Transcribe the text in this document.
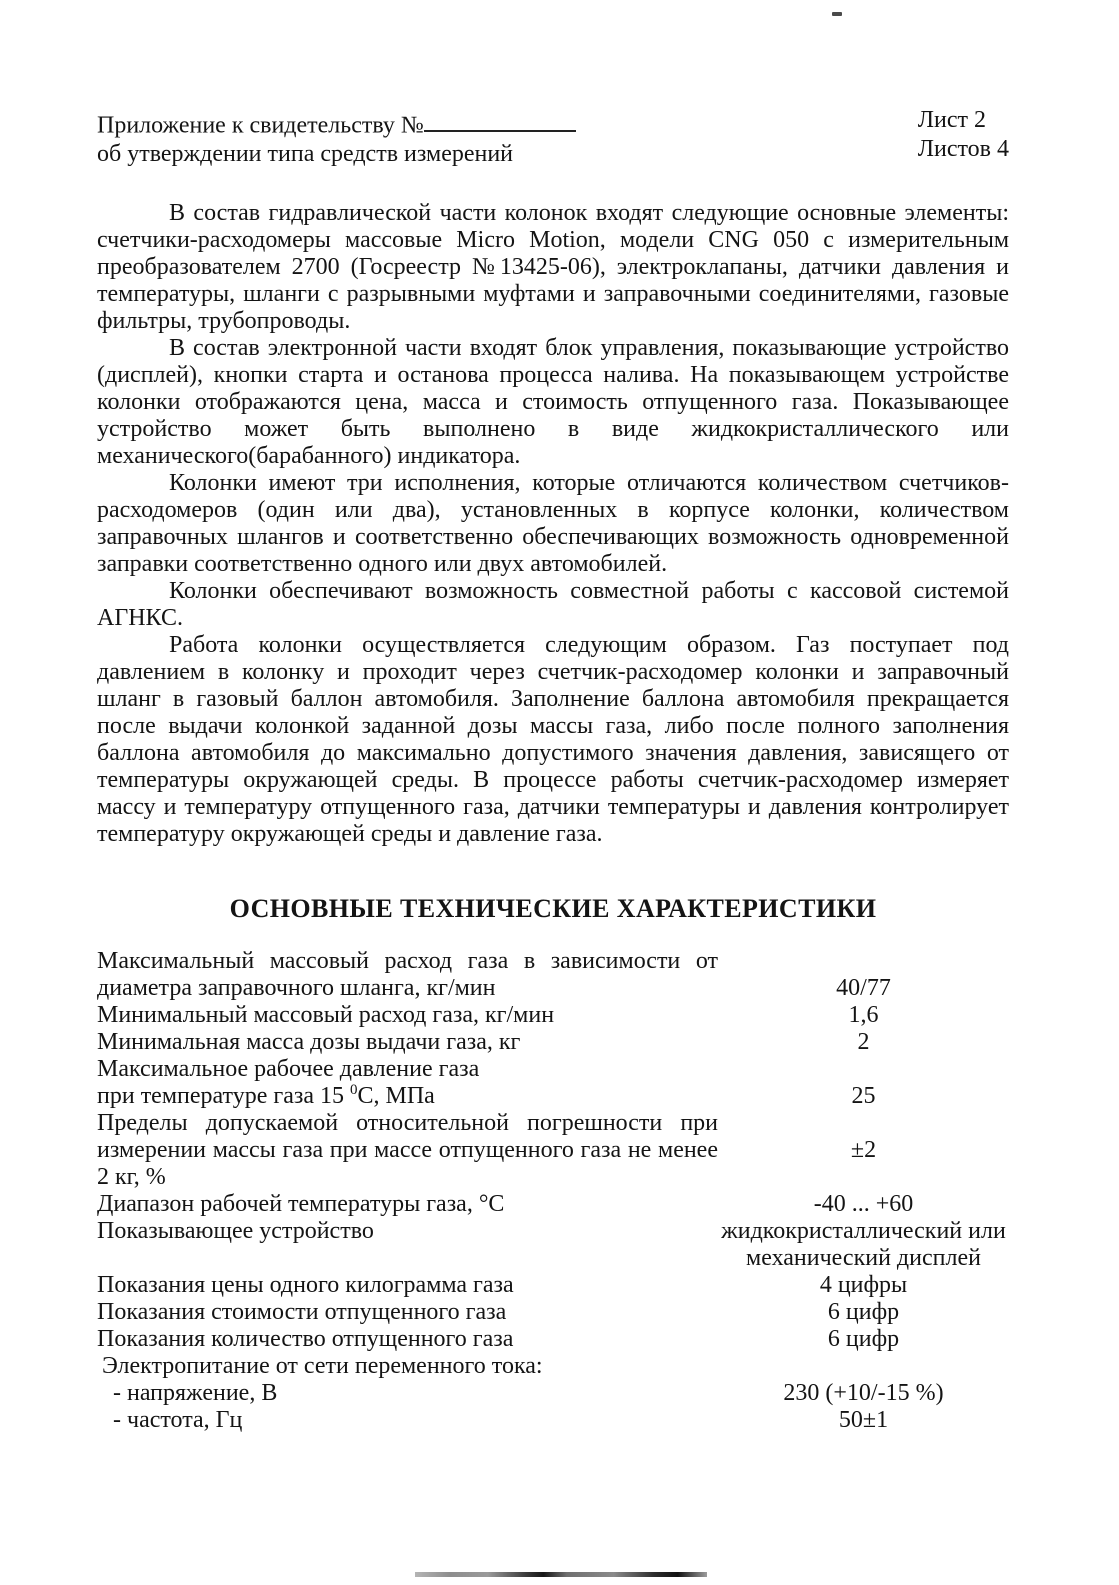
Приложение к свидетельству №
об утверждении типа средств измерений
Лист 2
Листов 4

В состав гидравлической части колонок входят следующие основные элементы: счетчики-расходомеры массовые Micro Motion, модели CNG 050 с измерительным преобразователем 2700 (Госреестр №13425-06), электроклапаны, датчики давления и температуры, шланги с разрывными муфтами и заправочными соединителями, газовые фильтры, трубопроводы.

В состав электронной части входят блок управления, показывающие устройство (дисплей), кнопки старта и останова процесса налива. На показывающем устройстве колонки отображаются цена, масса и стоимость отпущенного газа. Показывающее устройство может быть выполнено в виде жидкокристаллического или механического(барабанного) индикатора.

Колонки имеют три исполнения, которые отличаются количеством счетчиков-расходомеров (один или два), установленных в корпусе колонки, количеством заправочных шлангов и соответственно обеспечивающих возможность одновременной заправки соответственно одного или двух автомобилей.

Колонки обеспечивают возможность совместной работы с кассовой системой АГНКС.

Работа колонки осуществляется следующим образом. Газ поступает под давлением в колонку и проходит через счетчик-расходомер колонки и заправочный шланг в газовый баллон автомобиля. Заполнение баллона автомобиля прекращается после выдачи колонкой заданной дозы массы газа, либо после полного заполнения баллона автомобиля до максимально допустимого значения давления, зависящего от температуры окружающей среды. В процессе работы счетчик-расходомер измеряет массу и температуру отпущенного газа, датчики температуры и давления контролирует температуру окружающей среды и давление газа.

ОСНОВНЫЕ ТЕХНИЧЕСКИЕ ХАРАКТЕРИСТИКИ
Максимальный массовый расход газа в зависимости от диаметра заправочного шланга, кг/мин	40/77
Минимальный массовый расход газа, кг/мин	1,6
Минимальная масса дозы выдачи газа, кг	2
Максимальное рабочее давление газа
при температуре газа 15 $^0$С, МПа	25
Пределы допускаемой относительной погрешности при измерении массы газа при массе отпущенного газа не менее 2 кг, %	±2
Диапазон рабочей температуры газа, °С	-40 ... +60
Показывающее устройство	жидкокристаллический или механический дисплей
Показания цены одного килограмма газа	4 цифры
Показания стоимости отпущенного газа	6 цифр
Показания количество отпущенного газа	6 цифр
Электропитание от сети переменного тока:	
- напряжение, В	230 (+10/-15 %)
- частота, Гц	50±1
